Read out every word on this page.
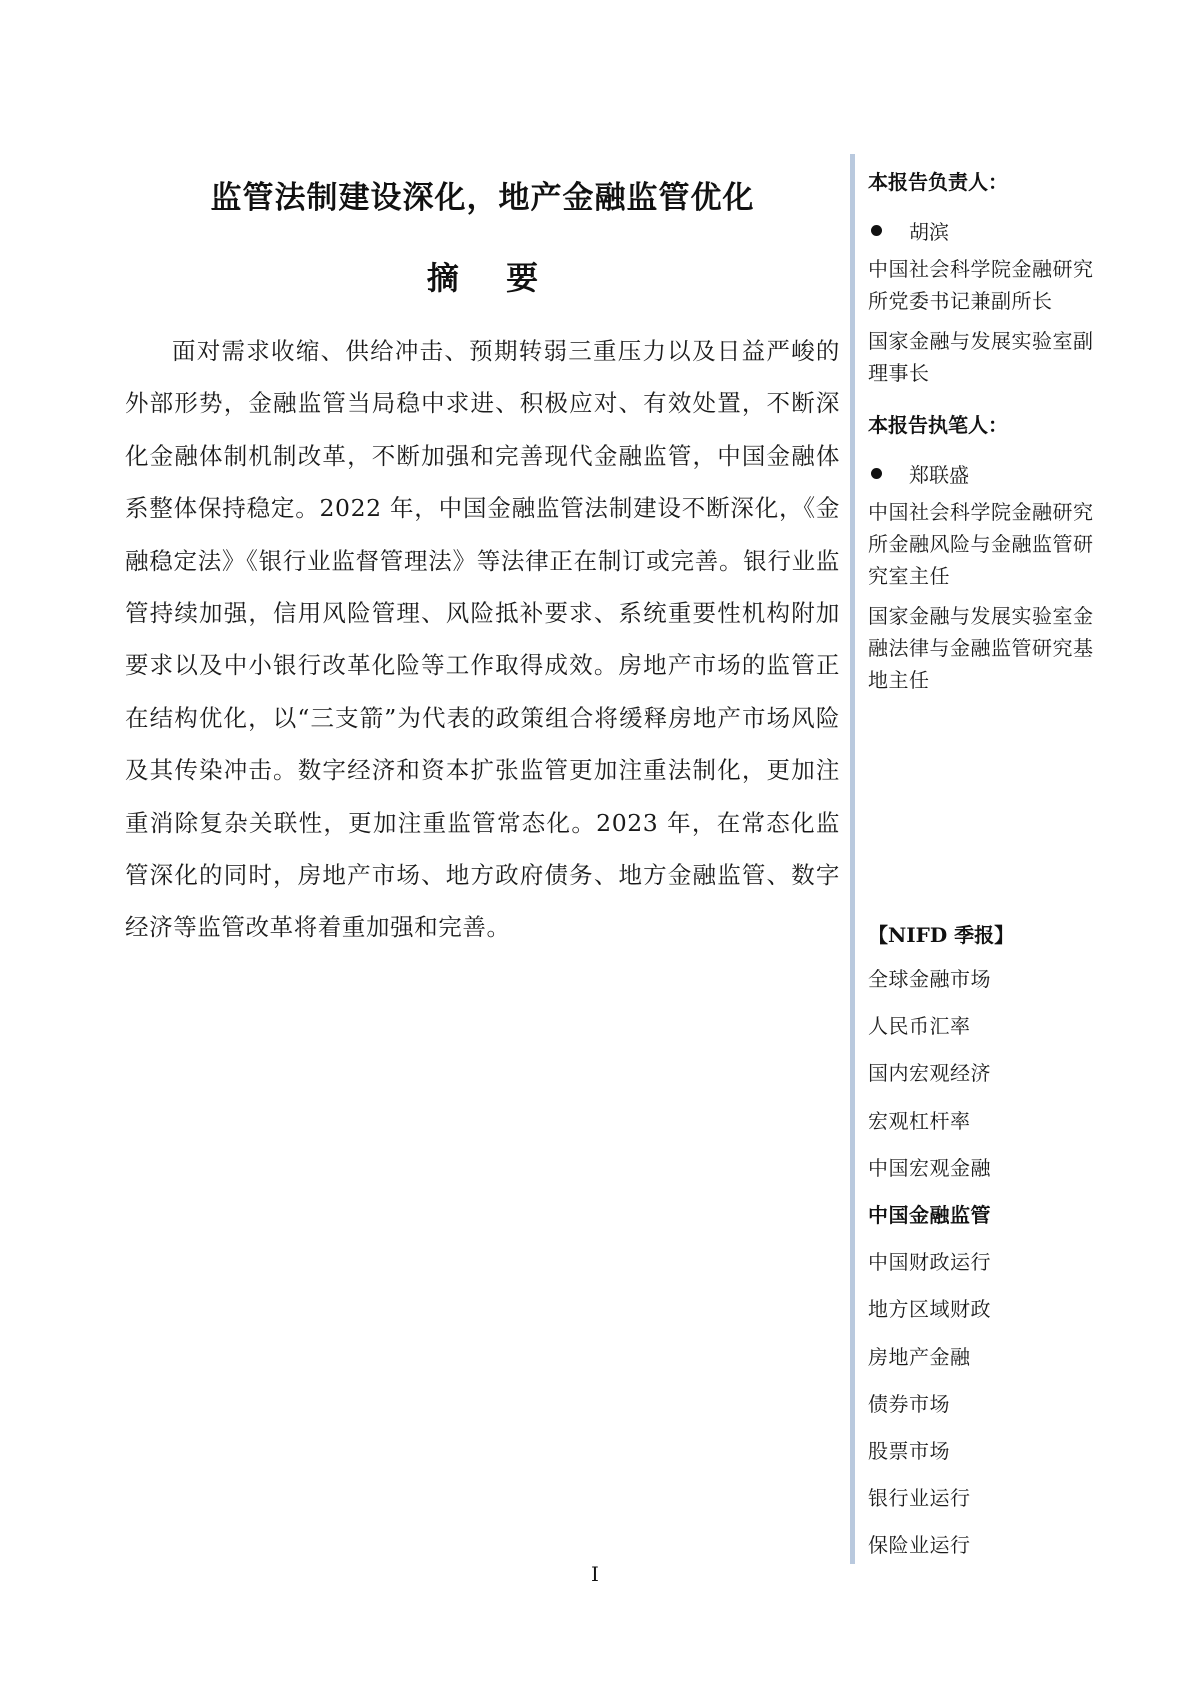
监管法制建设深化，地产金融监管优化
摘 要

面对需求收缩、供给冲击、预期转弱三重压力以及日益严峻的外部形势，金融监管当局稳中求进、积极应对、有效处置，不断深化金融体制机制改革，不断加强和完善现代金融监管，中国金融体系整体保持稳定。2022 年，中国金融监管法制建设不断深化，《金融稳定法》《银行业监督管理法》等法律正在制订或完善。银行业监管持续加强，信用风险管理、风险抵补要求、系统重要性机构附加要求以及中小银行改革化险等工作取得成效。房地产市场的监管正在结构优化，以“三支箭”为代表的政策组合将缓释房地产市场风险及其传染冲击。数字经济和资本扩张监管更加注重法制化，更加注重消除复杂关联性，更加注重监管常态化。2023 年，在常态化监管深化的同时，房地产市场、地方政府债务、地方金融监管、数字经济等监管改革将着重加强和完善。

本报告负责人：
胡滨
中国社会科学院金融研究所党委书记兼副所长
国家金融与发展实验室副理事长
本报告执笔人：
郑联盛
中国社会科学院金融研究所金融风险与金融监管研究室主任
国家金融与发展实验室金融法律与金融监管研究基地主任
【NIFD 季报】
全球金融市场
人民币汇率
国内宏观经济
宏观杠杆率
中国宏观金融
中国金融监管
中国财政运行
地方区域财政
房地产金融
债券市场
股票市场
银行业运行
保险业运行
I
